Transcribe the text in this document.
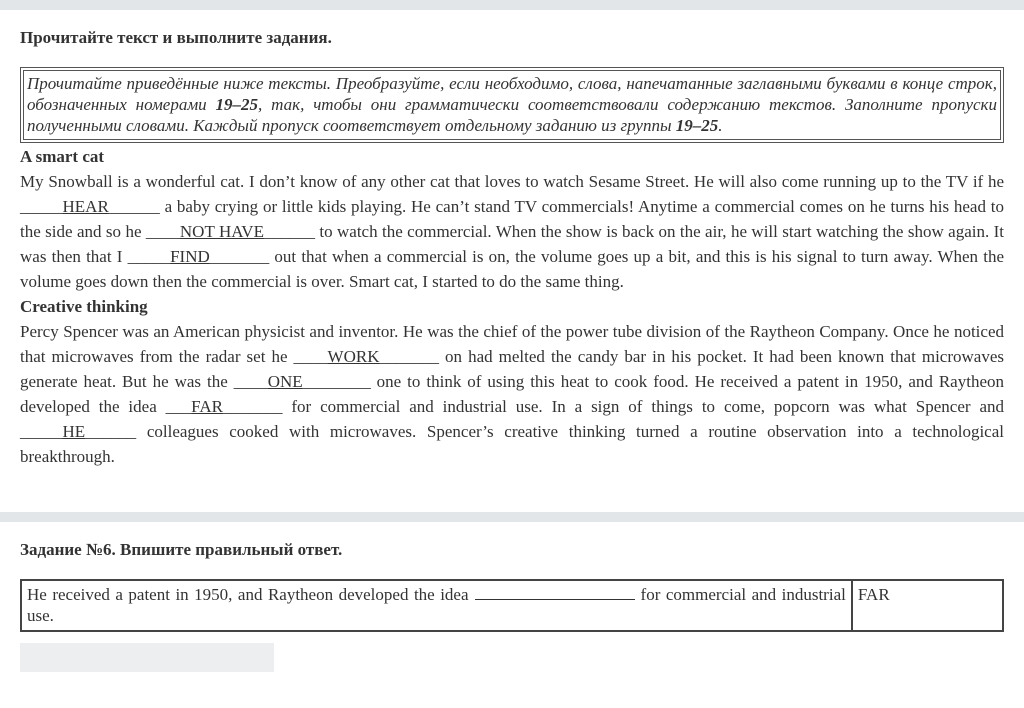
Прочитайте текст и выполните задания.
Прочитайте приведённые ниже тексты. Преобразуйте, если необходимо, слова, напечатанные заглавными буквами в конце строк, обозначенных номерами 19–25, так, чтобы они грамматически соответствовали содержанию текстов. Заполните пропуски полученными словами. Каждый пропуск соответствует отдельному заданию из группы 19–25.
A smart cat
My Snowball is a wonderful cat. I don’t know of any other cat that loves to watch Sesame Street. He will also come running up to the TV if he _____HEAR______ a baby crying or little kids playing. He can’t stand TV commercials! Anytime a commercial comes on he turns his head to the side and so he ____NOT HAVE______ to watch the commercial. When the show is back on the air, he will start watching the show again. It was then that I _____FIND_______ out that when a commercial is on, the volume goes up a bit, and this is his signal to turn away. When the volume goes down then the commercial is over. Smart cat, I started to do the same thing.
Creative thinking
Percy Spencer was an American physicist and inventor. He was the chief of the power tube division of the Raytheon Company. Once he noticed that microwaves from the radar set he ____WORK_______ on had melted the candy bar in his pocket. It had been known that microwaves generate heat. But he was the ____ONE________ one to think of using this heat to cook food. He received a patent in 1950, and Raytheon developed the idea ___FAR_______ for commercial and industrial use. In a sign of things to come, popcorn was what Spencer and _____HE______ colleagues cooked with microwaves. Spencer’s creative thinking turned a routine observation into a technological breakthrough.
Задание №6. Впишите правильный ответ.
He received a patent in 1950, and Raytheon developed the idea	for commercial and industrial use.	FAR
